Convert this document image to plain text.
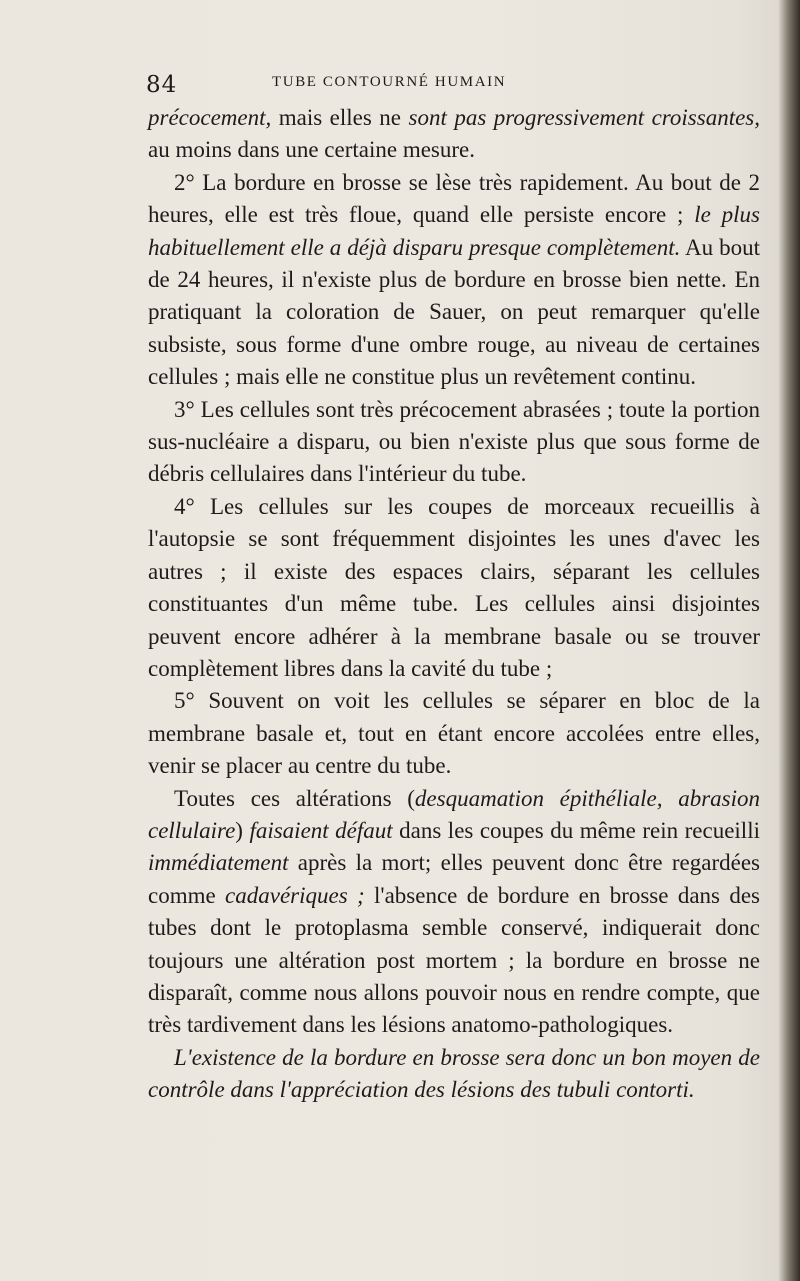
84	TUBE CONTOURNÉ HUMAIN

précocement, mais elles ne sont pas progressivement croissantes, au moins dans une certaine mesure.

2° La bordure en brosse se lèse très rapidement. Au bout de 2 heures, elle est très floue, quand elle persiste encore ; le plus habituellement elle a déjà disparu presque complètement. Au bout de 24 heures, il n'existe plus de bordure en brosse bien nette. En pratiquant la coloration de Sauer, on peut remarquer qu'elle subsiste, sous forme d'une ombre rouge, au niveau de certaines cellules ; mais elle ne constitue plus un revêtement continu.

3° Les cellules sont très précocement abrasées ; toute la portion sus-nucléaire a disparu, ou bien n'existe plus que sous forme de débris cellulaires dans l'intérieur du tube.

4° Les cellules sur les coupes de morceaux recueillis à l'autopsie se sont fréquemment disjointes les unes d'avec les autres ; il existe des espaces clairs, séparant les cellules constituantes d'un même tube. Les cellules ainsi disjointes peuvent encore adhérer à la membrane basale ou se trouver complètement libres dans la cavité du tube ;

5° Souvent on voit les cellules se séparer en bloc de la membrane basale et, tout en étant encore accolées entre elles, venir se placer au centre du tube.

Toutes ces altérations (desquamation épithéliale, abrasion cellulaire) faisaient défaut dans les coupes du même rein recueilli immédiatement après la mort; elles peuvent donc être regardées comme cadavériques ; l'absence de bordure en brosse dans des tubes dont le protoplasma semble conservé, indiquerait donc toujours une altération post mortem ; la bordure en brosse ne disparaît, comme nous allons pouvoir nous en rendre compte, que très tardivement dans les lésions anatomo-pathologiques.

L'existence de la bordure en brosse sera donc un bon moyen de contrôle dans l'appréciation des lésions des tubuli contorti.
